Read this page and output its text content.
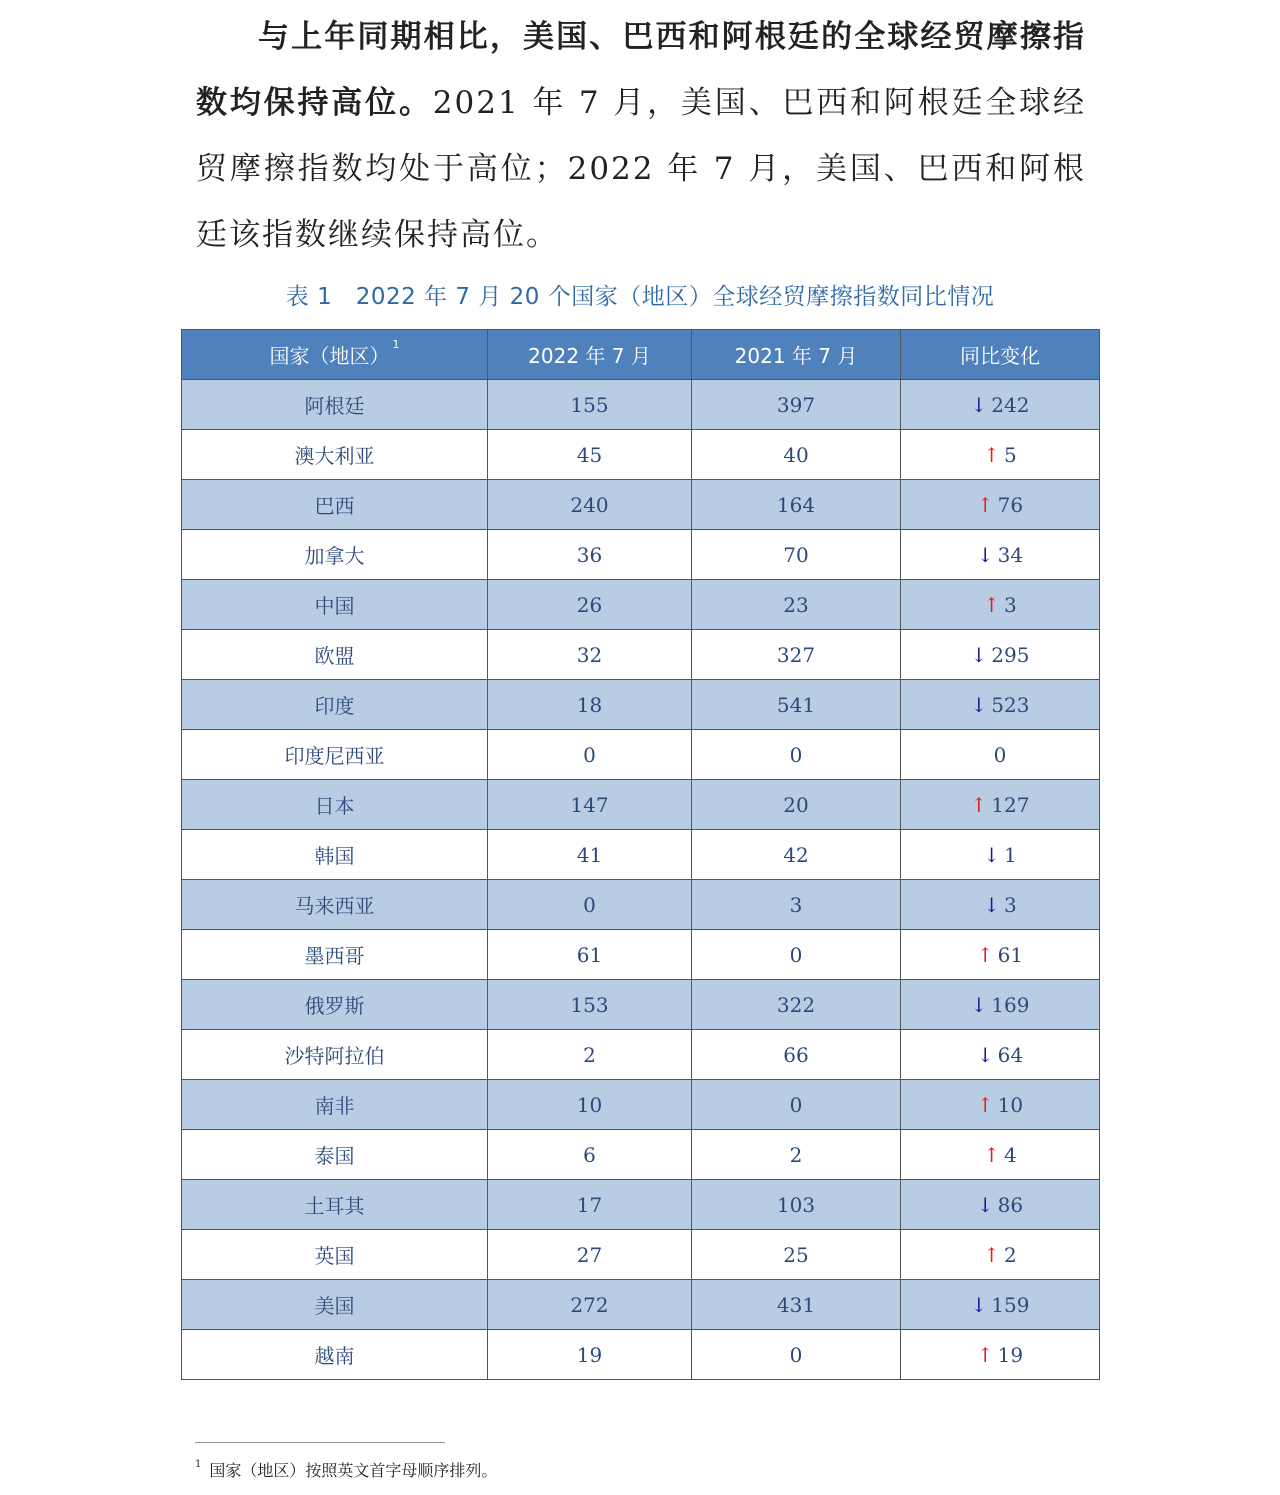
与上年同期相比，美国、巴西和阿根廷的全球经贸摩擦指数均保持高位。2021 年 7 月，美国、巴西和阿根廷全球经贸摩擦指数均处于高位；2022 年 7 月，美国、巴西和阿根廷该指数继续保持高位。

表 1　2022 年 7 月 20 个国家（地区）全球经贸摩擦指数同比情况
国家（地区） $^1$	2022 年 7 月	2021 年 7 月	同比变化
阿根廷	155	397	↓ 242
澳大利亚	45	40	↑ 5
巴西	240	164	↑ 76
加拿大	36	70	↓ 34
中国	26	23	↑ 3
欧盟	32	327	↓ 295
印度	18	541	↓ 523
印度尼西亚	0	0	0
日本	147	20	↑ 127
韩国	41	42	↓ 1
马来西亚	0	3	↓ 3
墨西哥	61	0	↑ 61
俄罗斯	153	322	↓ 169
沙特阿拉伯	2	66	↓ 64
南非	10	0	↑ 10
泰国	6	2	↑ 4
土耳其	17	103	↓ 86
英国	27	25	↑ 2
美国	272	431	↓ 159
越南	19	0	↑ 19
$^1$ 国家（地区）按照英文首字母顺序排列。
